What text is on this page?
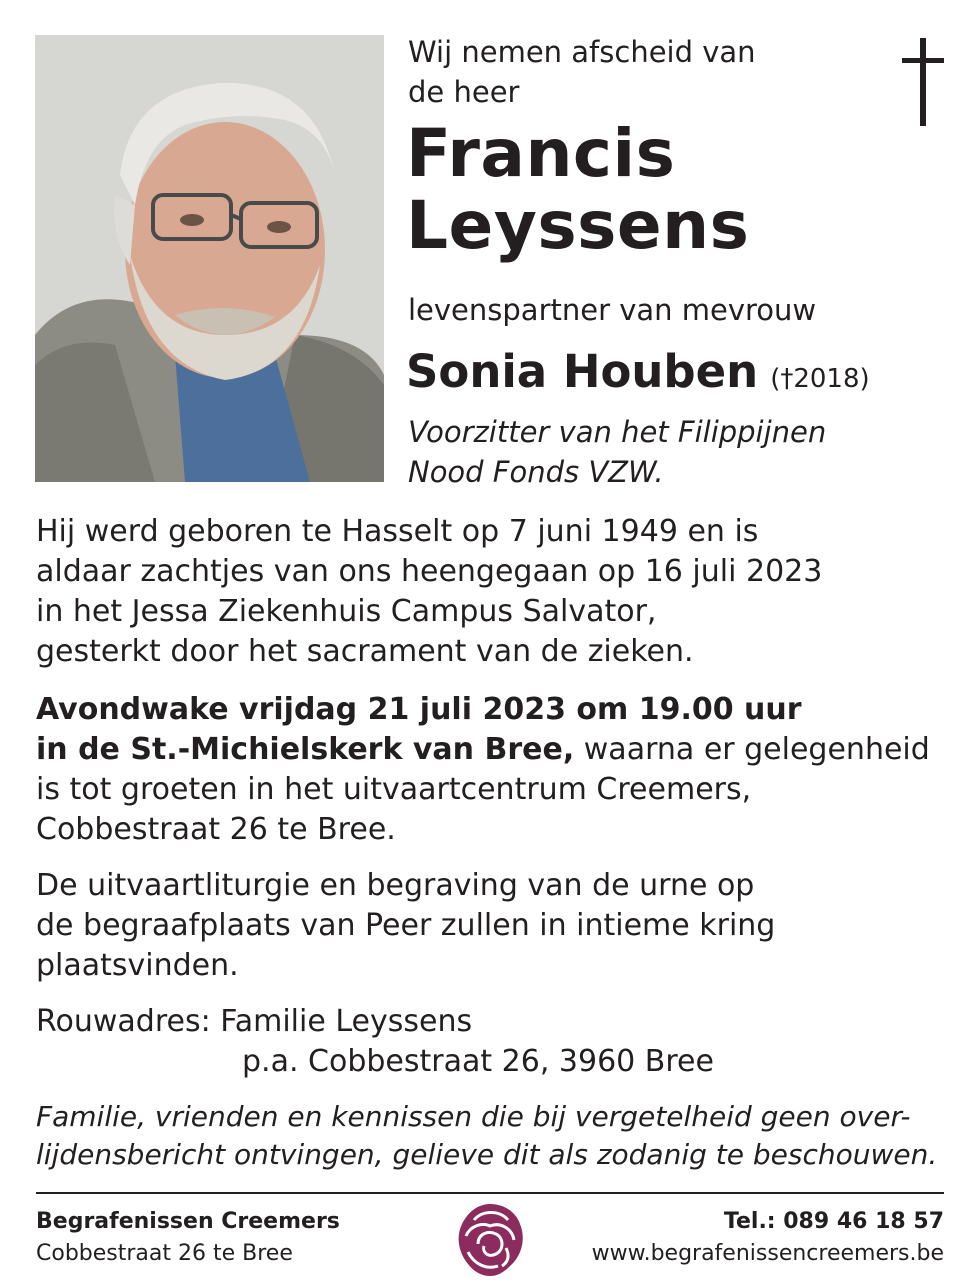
Wij nemen afscheid van
de heer
Francis
Leyssens
levenspartner van mevrouw
Sonia Houben (†2018)
Voorzitter van het Filippijnen
Nood Fonds VZW.
Hij werd geboren te Hasselt op 7 juni 1949 en is
aldaar zachtjes van ons heengegaan op 16 juli 2023
in het Jessa Ziekenhuis Campus Salvator,
gesterkt door het sacrament van de zieken.
Avondwake vrijdag 21 juli 2023 om 19.00 uur
in de St.-Michielskerk van Bree, waarna er gelegenheid
is tot groeten in het uitvaartcentrum Creemers,
Cobbestraat 26 te Bree.
De uitvaartliturgie en begraving van de urne op
de begraafplaats van Peer zullen in intieme kring
plaatsvinden.
Rouwadres: Familie Leyssens
p.a. Cobbestraat 26, 3960 Bree
Familie, vrienden en kennissen die bij vergetelheid geen over-
lijdensbericht ontvingen, gelieve dit als zodanig te beschouwen.
Begrafenissen Creemers
Cobbestraat 26 te Bree
Tel.: 089 46 18 57
www.begrafenissencreemers.be
